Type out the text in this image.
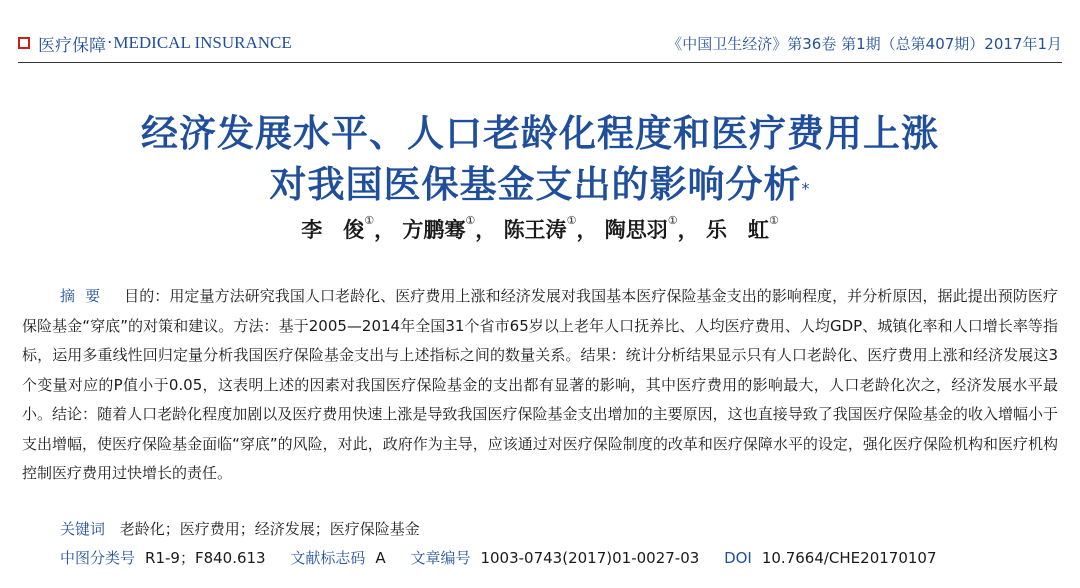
医疗保障 · MEDICAL INSURANCE	《中国卫生经济》第36卷 第1期（总第407期）2017年1月
经济发展水平、人口老龄化程度和医疗费用上涨
对我国医保基金支出的影响分析*
李　俊①， 方鹏骞①， 陈王涛①， 陶思羽①， 乐　虹①
摘要 目的：用定量方法研究我国人口老龄化、医疗费用上涨和经济发展对我国基本医疗保险基金支出的影响程度，并分析原因，据此提出预防医疗保险基金“穿底”的对策和建议。方法：基于2005—2014年全国31个省市65岁以上老年人口抚养比、人均医疗费用、人均GDP、城镇化率和人口增长率等指标，运用多重线性回归定量分析我国医疗保险基金支出与上述指标之间的数量关系。结果：统计分析结果显示只有人口老龄化、医疗费用上涨和经济发展这3个变量对应的P值小于0.05，这表明上述的因素对我国医疗保险基金的支出都有显著的影响，其中医疗费用的影响最大，人口老龄化次之，经济发展水平最小。结论：随着人口老龄化程度加剧以及医疗费用快速上涨是导致我国医疗保险基金支出增加的主要原因，这也直接导致了我国医疗保险基金的收入增幅小于支出增幅，使医疗保险基金面临“穿底”的风险，对此，政府作为主导，应该通过对医疗保险制度的改革和医疗保障水平的设定，强化医疗保险机构和医疗机构控制医疗费用过快增长的责任。
关键词 老龄化；医疗费用；经济发展；医疗保险基金
中图分类号 R1-9；F840.613 文献标志码 A 文章编号 1003-0743(2017)01-0027-03 DOI 10.7664/CHE20170107
